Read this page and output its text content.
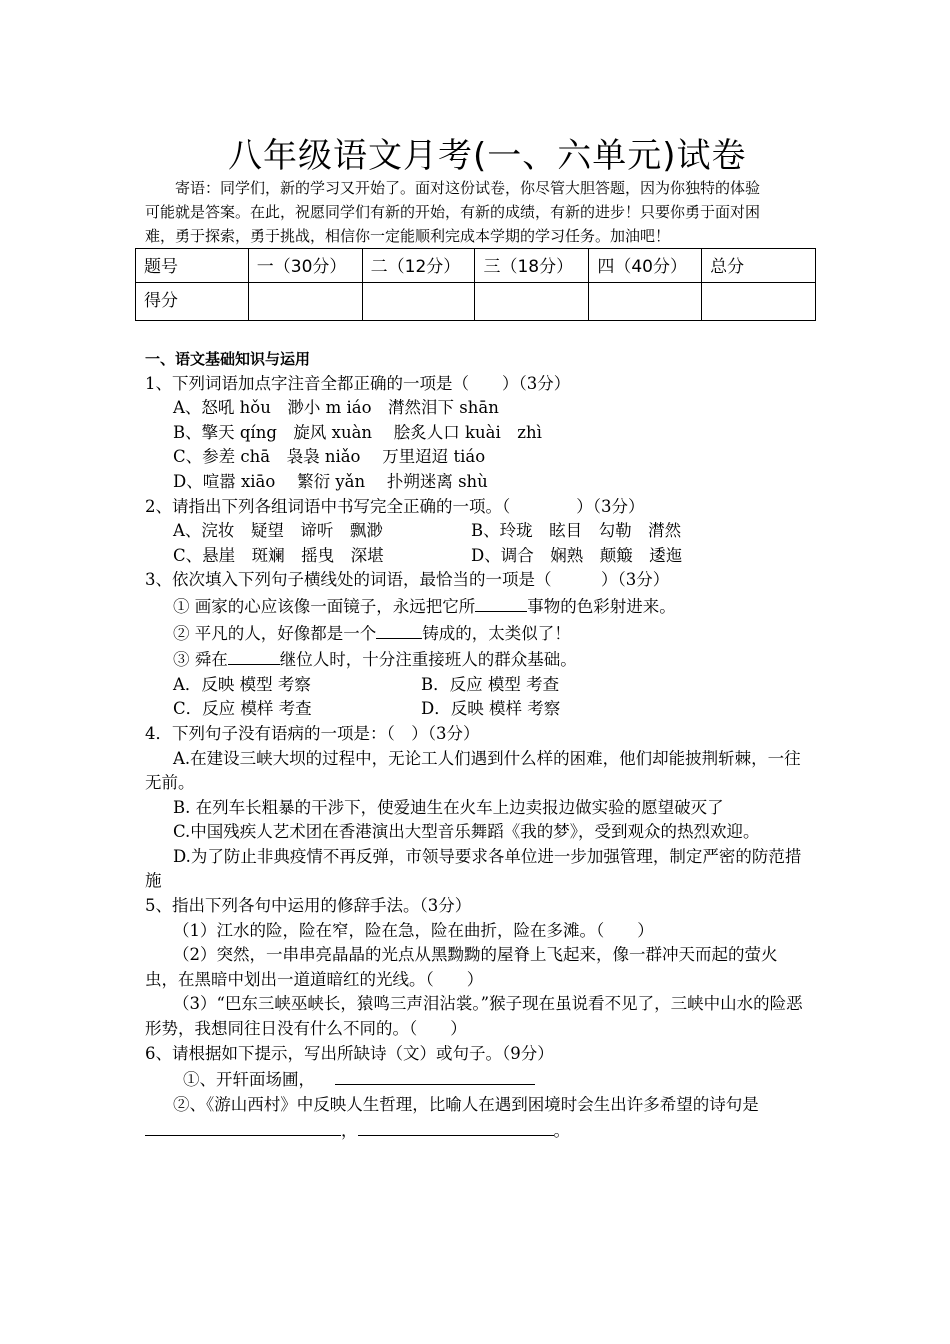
八年级语文月考(一、六单元)试卷

寄语：同学们，新的学习又开始了。面对这份试卷，你尽管大胆答题，因为你独特的体验

可能就是答案。在此，祝愿同学们有新的开始，有新的成绩，有新的进步！只要你勇于面对困

难，勇于探索，勇于挑战，相信你一定能顺利完成本学期的学习任务。加油吧！

题号	一（30分）	二（12分）	三（18分）	四（40分）	总分
得分					

一、语文基础知识与运用

1、下列词语加点字注音全都正确的一项是（　　）（3分）

A、怒吼 hǒu　渺小 m iáo　潸然泪下 shān

B、擎天 qíng　旋风 xuàn　 脍炙人口 kuài　zhì

C、参差 chā　袅袅 niǎo　 万里迢迢 tiáo

D、喧嚣 xiāo　 繁衍 yǎn　 扑朔迷离 shù

2、请指出下列各组词语中书写完全正确的一项。（　　　　）（3分）

A、浣妆　疑望　谛听　飘渺	B、玲珑　眩目　勾勒　潸然

C、悬崖　斑斓　摇曳　深堪	D、调合　娴熟　颠簸　逶迤

3、依次填入下列句子横线处的词语，最恰当的一项是（　　　）（3分）

① 画家的心应该像一面镜子，永远把它所	事物的色彩射进来。

② 平凡的人，好像都是一个	铸成的，太类似了！

③ 舜在	继位人时，十分注重接班人的群众基础。

A．反映 模型 考察	B．反应 模型 考查

C．反应 模样 考查	D．反映 模样 考察

4．下列句子没有语病的一项是：（　）（3分）

A.在建设三峡大坝的过程中，无论工人们遇到什么样的困难，他们却能披荆斩棘，一往无前。

B. 在列车长粗暴的干涉下，使爱迪生在火车上边卖报边做实验的愿望破灭了

C.中国残疾人艺术团在香港演出大型音乐舞蹈《我的梦》，受到观众的热烈欢迎。

D.为了防止非典疫情不再反弹，市领导要求各单位进一步加强管理，制定严密的防范措施

5、指出下列各句中运用的修辞手法。（3分）

（1）江水的险，险在窄，险在急，险在曲折，险在多滩。（　　）

（2）突然，一串串亮晶晶的光点从黑黝黝的屋脊上飞起来，像一群冲天而起的萤火虫，在黑暗中划出一道道暗红的光线。（　　）

（3）“巴东三峡巫峡长，猿鸣三声泪沾裳。”猴子现在虽说看不见了，三峡中山水的险恶形势，我想同往日没有什么不同的。（　　）

6、请根据如下提示，写出所缺诗（文）或句子。（9分）

①、开轩面场圃，

②、《游山西村》中反映人生哲理，比喻人在遇到困境时会生出许多希望的诗句是，	。
